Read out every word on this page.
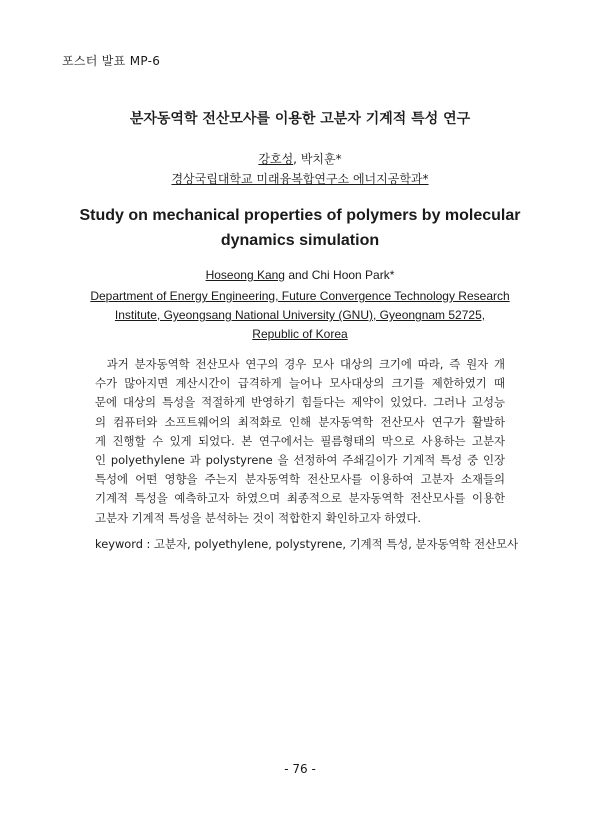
포스터 발표 MP-6
분자동역학 전산모사를 이용한 고분자 기계적 특성 연구
강호성, 박치훈*
경상국립대학교 미래융복합연구소 에너지공학과*
Study on mechanical properties of polymers by molecular
dynamics simulation
Hoseong Kang and Chi Hoon Park*
Department of Energy Engineering, Future Convergence Technology Research
Institute, Gyeongsang National University (GNU), Gyeongnam 52725,
Republic of Korea
과거 분자동역학 전산모사 연구의 경우 모사 대상의 크기에 따라, 즉 원자 개
수가 많아지면 계산시간이 급격하게 늘어나 모사대상의 크기를 제한하였기 때
문에 대상의 특성을 적절하게 반영하기 힘들다는 제약이 있었다. 그러나 고성능
의 컴퓨터와 소프트웨어의 최적화로 인해 분자동역학 전산모사 연구가 활발하
게 진행할 수 있게 되었다. 본 연구에서는 필름형태의 막으로 사용하는 고분자
인 polyethylene 과 polystyrene 을 선정하여 주쇄길이가 기계적 특성 중 인장
특성에 어떤 영향을 주는지 분자동역학 전산모사를 이용하여 고분자 소재들의
기계적 특성을 예측하고자 하였으며 최종적으로 분자동역학 전산모사를 이용한
고분자 기계적 특성을 분석하는 것이 적합한지 확인하고자 하였다.
keyword : 고분자, polyethylene, polystyrene, 기계적 특성, 분자동역학 전산모사
- 76 -
